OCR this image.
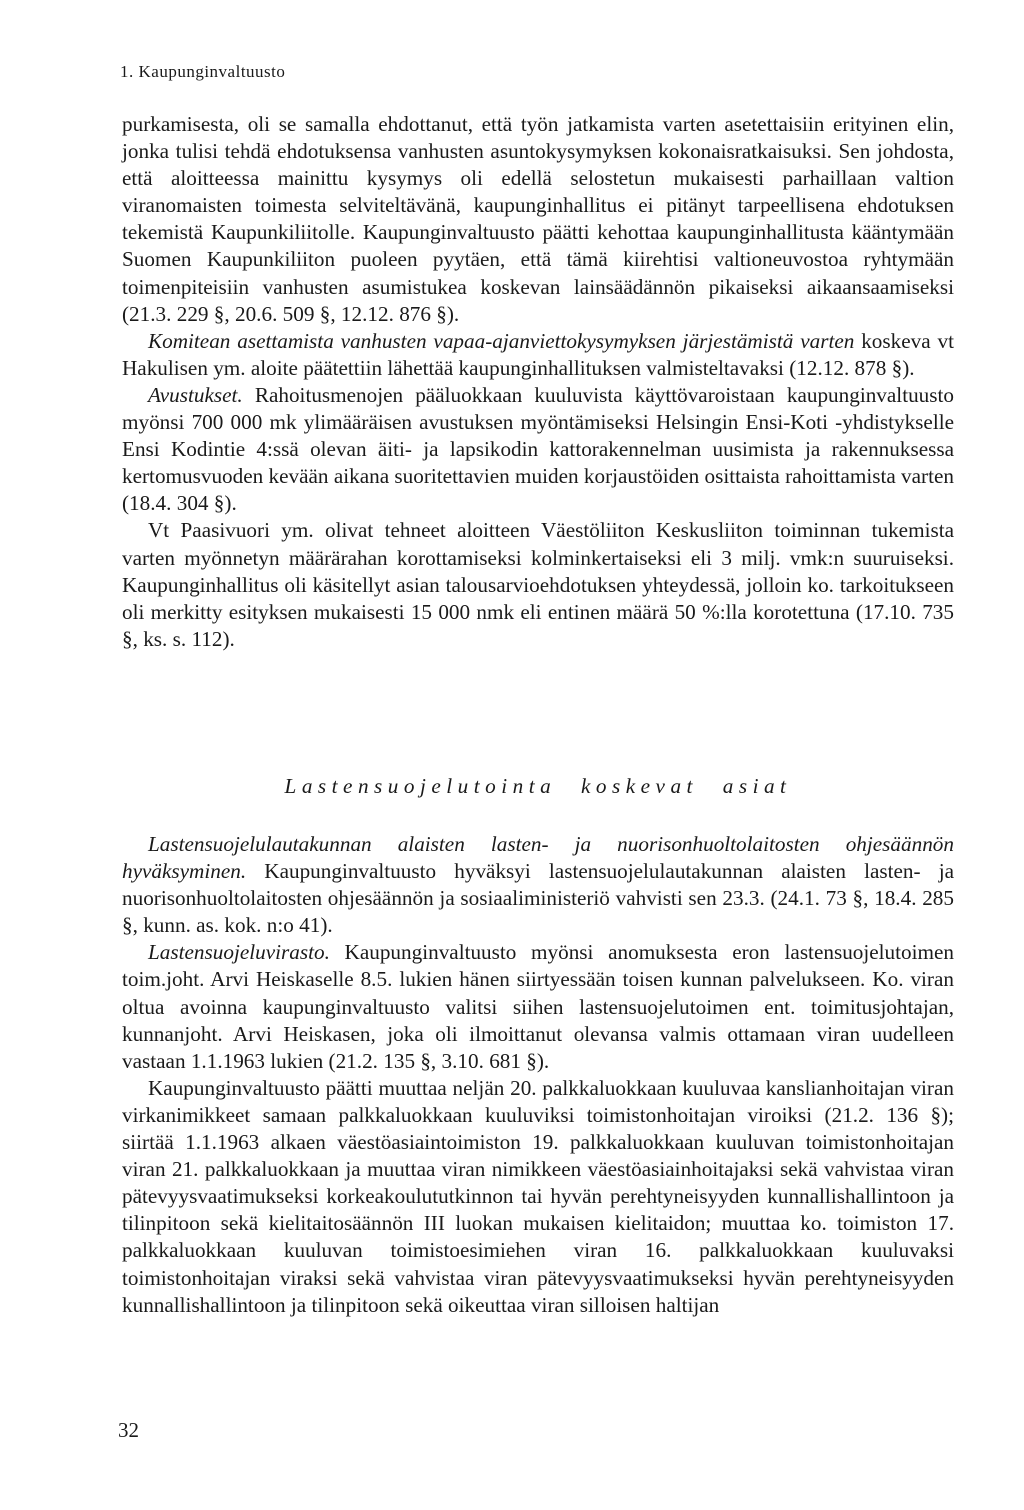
1. Kaupunginvaltuusto

purkamisesta, oli se samalla ehdottanut, että työn jatkamista varten asetettaisiin erityinen elin, jonka tulisi tehdä ehdotuksensa vanhusten asuntokysymyksen kokonaisratkaisuksi. Sen johdosta, että aloitteessa mainittu kysymys oli edellä selostetun mukaisesti parhaillaan valtion viranomaisten toimesta selviteltävänä, kaupunginhallitus ei pitänyt tarpeellisena ehdotuksen tekemistä Kaupunkiliitolle. Kaupunginvaltuusto päätti kehottaa kaupunginhallitusta kääntymään Suomen Kaupunkiliiton puoleen pyytäen, että tämä kiirehtisi valtioneuvostoa ryhtymään toimenpiteisiin vanhusten asumistukea koskevan lainsäädännön pikaiseksi aikaansaamiseksi (21.3. 229 §, 20.6. 509 §, 12.12. 876 §).

Komitean asettamista vanhusten vapaa-ajanviettokysymyksen järjestämistä varten koskeva vt Hakulisen ym. aloite päätettiin lähettää kaupunginhallituksen valmisteltavaksi (12.12. 878 §).

Avustukset. Rahoitusmenojen pääluokkaan kuuluvista käyttövaroistaan kaupunginvaltuusto myönsi 700 000 mk ylimääräisen avustuksen myöntämiseksi Helsingin Ensi-Koti -yhdistykselle Ensi Kodintie 4:ssä olevan äiti- ja lapsikodin kattorakennelman uusimista ja rakennuksessa kertomusvuoden kevään aikana suoritettavien muiden korjaustöiden osittaista rahoittamista varten (18.4. 304 §).

Vt Paasivuori ym. olivat tehneet aloitteen Väestöliiton Keskusliiton toiminnan tukemista varten myönnetyn määrärahan korottamiseksi kolminkertaiseksi eli 3 milj. vmk:n suuruiseksi. Kaupunginhallitus oli käsitellyt asian talousarvioehdotuksen yhteydessä, jolloin ko. tarkoitukseen oli merkitty esityksen mukaisesti 15 000 nmk eli entinen määrä 50 %:lla korotettuna (17.10. 735 §, ks. s. 112).

Lastensuojelutointa koskevat asiat

Lastensuojelulautakunnan alaisten lasten- ja nuorisonhuoltolaitosten ohjesäännön hyväksyminen. Kaupunginvaltuusto hyväksyi lastensuojelulautakunnan alaisten lasten- ja nuorisonhuoltolaitosten ohjesäännön ja sosiaaliministeriö vahvisti sen 23.3. (24.1. 73 §, 18.4. 285 §, kunn. as. kok. n:o 41).

Lastensuojeluvirasto. Kaupunginvaltuusto myönsi anomuksesta eron lastensuojelutoimen toim.joht. Arvi Heiskaselle 8.5. lukien hänen siirtyessään toisen kunnan palvelukseen. Ko. viran oltua avoinna kaupunginvaltuusto valitsi siihen lastensuojelutoimen ent. toimitusjohtajan, kunnanjoht. Arvi Heiskasen, joka oli ilmoittanut olevansa valmis ottamaan viran uudelleen vastaan 1.1.1963 lukien (21.2. 135 §, 3.10. 681 §).

Kaupunginvaltuusto päätti muuttaa neljän 20. palkkaluokkaan kuuluvaa kanslianhoitajan viran virkanimikkeet samaan palkkaluokkaan kuuluviksi toimistonhoitajan viroiksi (21.2. 136 §); siirtää 1.1.1963 alkaen väestöasiaintoimiston 19. palkkaluokkaan kuuluvan toimistonhoitajan viran 21. palkkaluokkaan ja muuttaa viran nimikkeen väestöasiainhoitajaksi sekä vahvistaa viran pätevyysvaatimukseksi korkeakoulututkinnon tai hyvän perehtyneisyyden kunnallishallintoon ja tilinpitoon sekä kielitaitosäännön III luokan mukaisen kielitaidon; muuttaa ko. toimiston 17. palkkaluokkaan kuuluvan toimistoesimiehen viran 16. palkkaluokkaan kuuluvaksi toimistonhoitajan viraksi sekä vahvistaa viran pätevyysvaatimukseksi hyvän perehtyneisyyden kunnallishallintoon ja tilinpitoon sekä oikeuttaa viran silloisen haltijan

32
